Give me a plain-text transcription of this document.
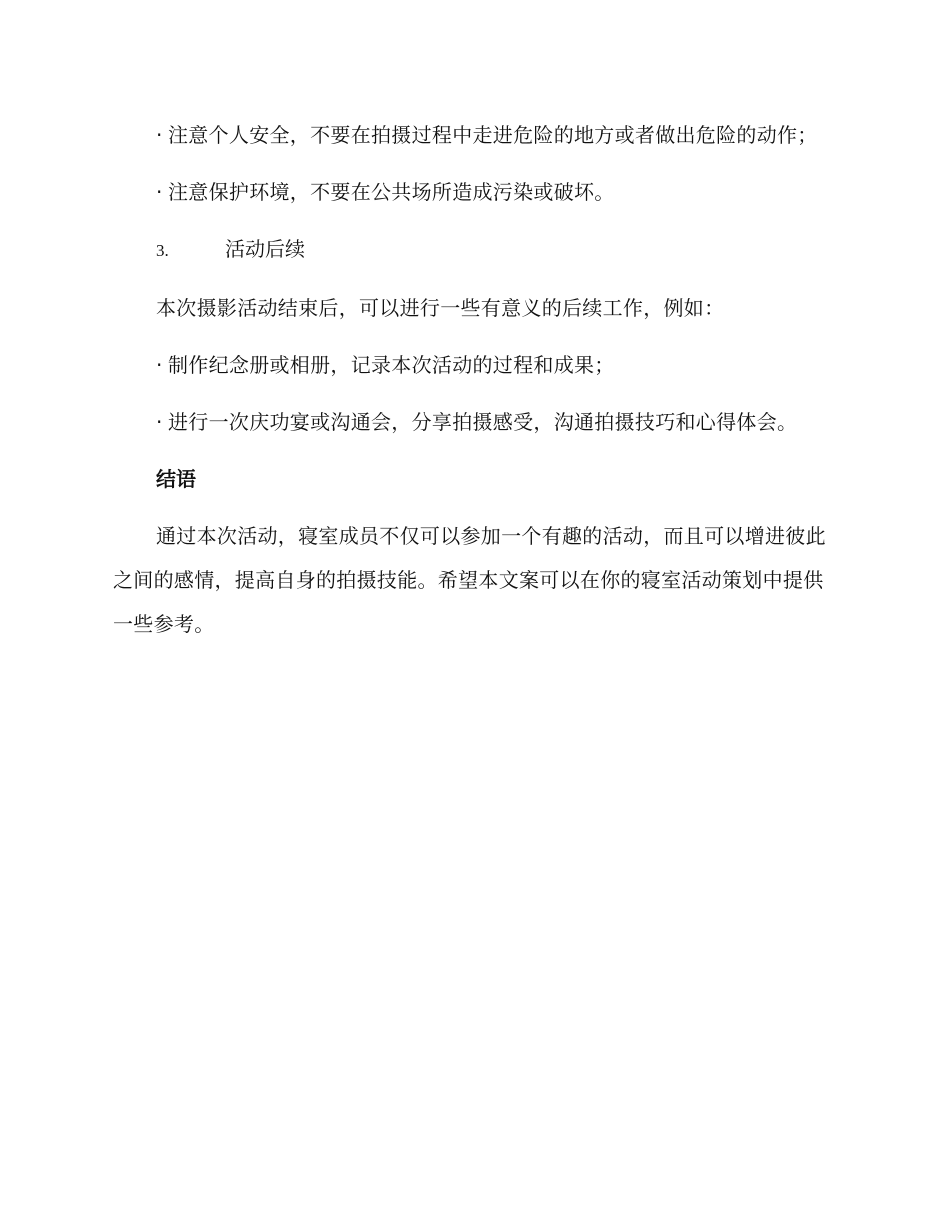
· 注意个人安全，不要在拍摄过程中走进危险的地方或者做出危险的动作；

· 注意保护环境，不要在公共场所造成污染或破坏。

3.	活动后续

本次摄影活动结束后，可以进行一些有意义的后续工作，例如：

· 制作纪念册或相册，记录本次活动的过程和成果；

· 进行一次庆功宴或沟通会，分享拍摄感受，沟通拍摄技巧和心得体会。

结语

通过本次活动，寝室成员不仅可以参加一个有趣的活动，而且可以增进彼此之间的感情，提高自身的拍摄技能。希望本文案可以在你的寝室活动策划中提供一些参考。
